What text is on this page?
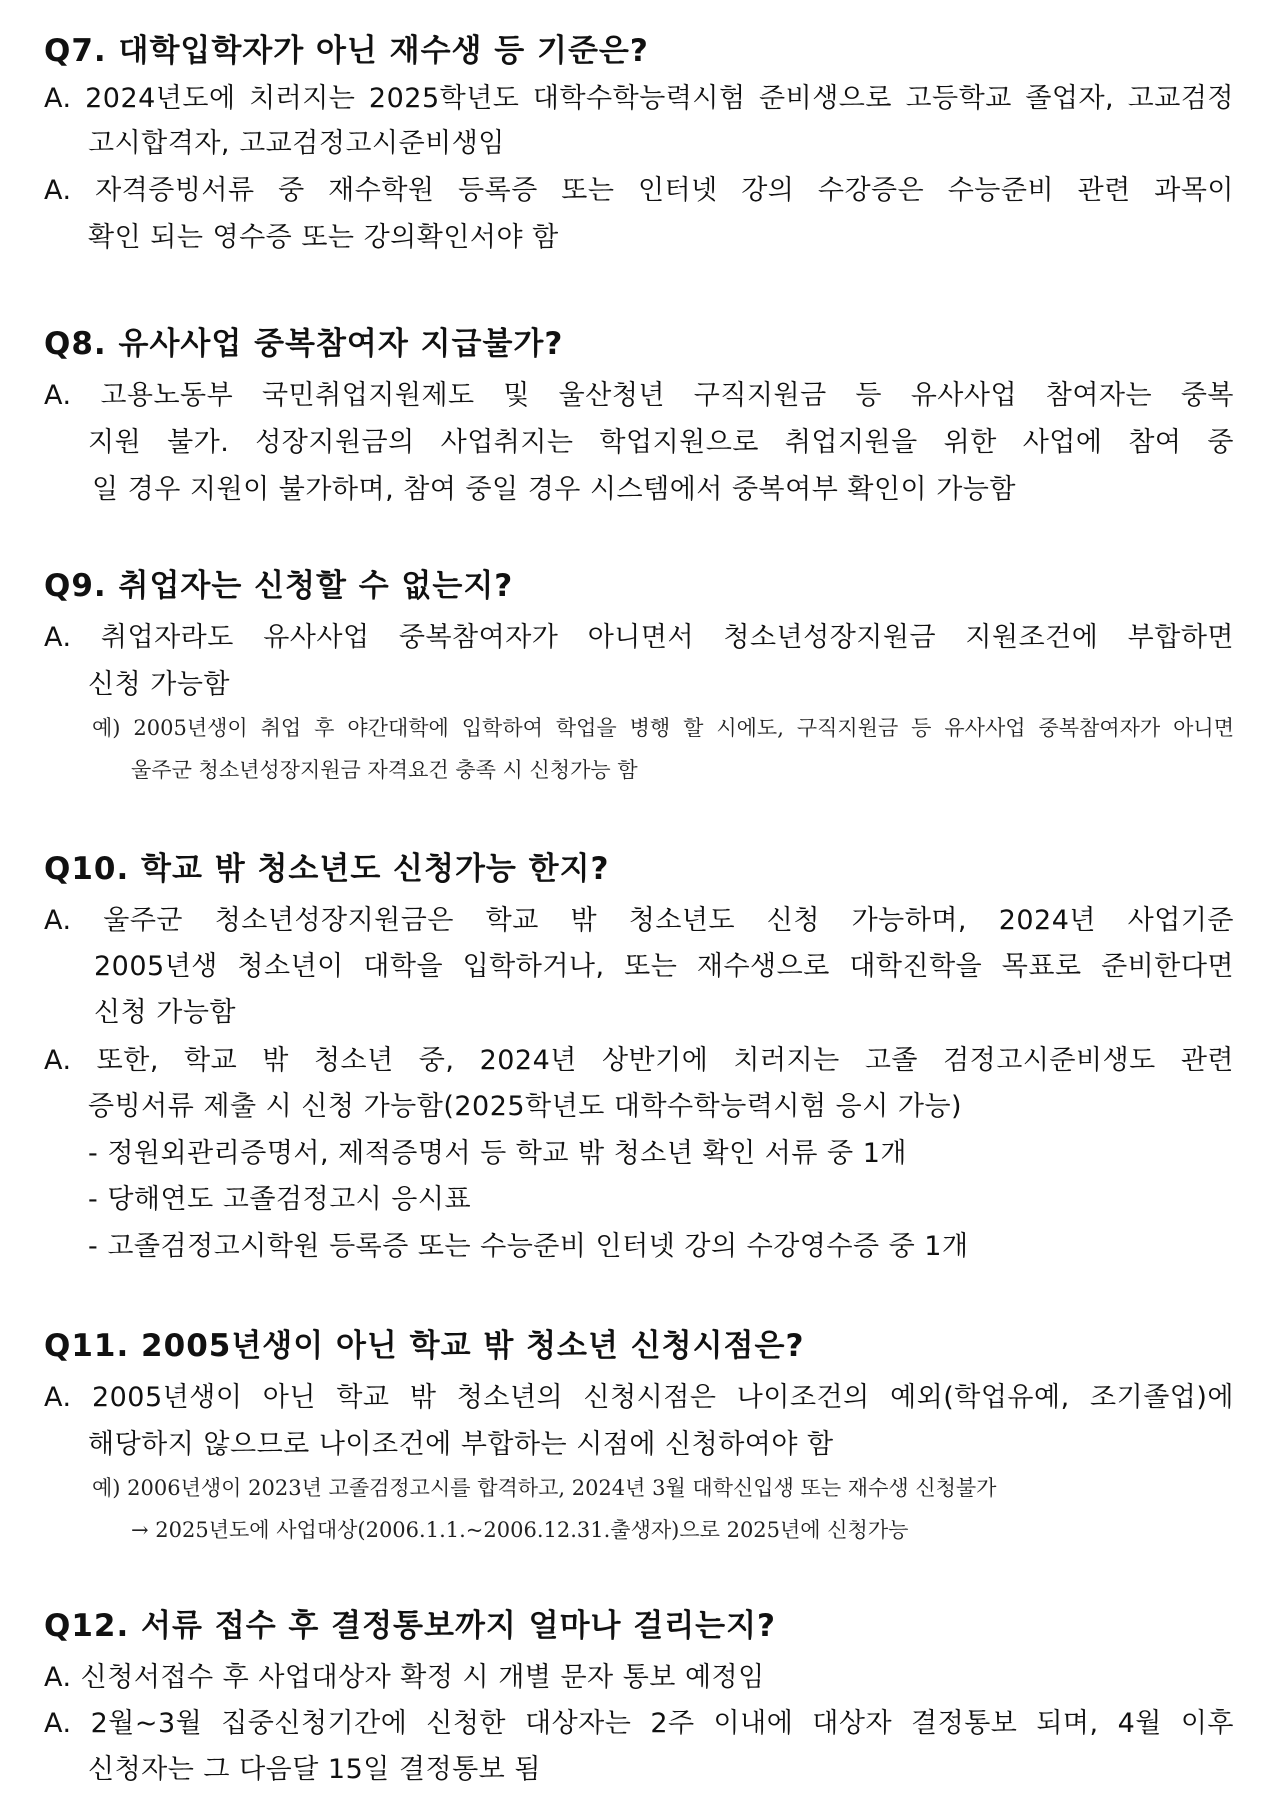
Q7. 대학입학자가 아닌 재수생 등 기준은?
A. 2024년도에 치러지는 2025학년도 대학수학능력시험 준비생으로 고등학교 졸업자, 고교검정
고시합격자, 고교검정고시준비생임
A. 자격증빙서류 중 재수학원 등록증 또는 인터넷 강의 수강증은 수능준비 관련 과목이
확인 되는 영수증 또는 강의확인서야 함
Q8. 유사사업 중복참여자 지급불가?
A. 고용노동부 국민취업지원제도 및 울산청년 구직지원금 등 유사사업 참여자는 중복
지원 불가. 성장지원금의 사업취지는 학업지원으로 취업지원을 위한 사업에 참여 중
일 경우 지원이 불가하며, 참여 중일 경우 시스템에서 중복여부 확인이 가능함
Q9. 취업자는 신청할 수 없는지?
A. 취업자라도 유사사업 중복참여자가 아니면서 청소년성장지원금 지원조건에 부합하면
신청 가능함
예) 2005년생이 취업 후 야간대학에 입학하여 학업을 병행 할 시에도, 구직지원금 등 유사사업 중복참여자가 아니면
울주군 청소년성장지원금 자격요건 충족 시 신청가능 함
Q10. 학교 밖 청소년도 신청가능 한지?
A. 울주군 청소년성장지원금은 학교 밖 청소년도 신청 가능하며, 2024년 사업기준
2005년생 청소년이 대학을 입학하거나, 또는 재수생으로 대학진학을 목표로 준비한다면
신청 가능함
A. 또한, 학교 밖 청소년 중, 2024년 상반기에 치러지는 고졸 검정고시준비생도 관련
증빙서류 제출 시 신청 가능함(2025학년도 대학수학능력시험 응시 가능)
- 정원외관리증명서, 제적증명서 등 학교 밖 청소년 확인 서류 중 1개
- 당해연도 고졸검정고시 응시표
- 고졸검정고시학원 등록증 또는 수능준비 인터넷 강의 수강영수증 중 1개
Q11. 2005년생이 아닌 학교 밖 청소년 신청시점은?
A. 2005년생이 아닌 학교 밖 청소년의 신청시점은 나이조건의 예외(학업유예, 조기졸업)에
해당하지 않으므로 나이조건에 부합하는 시점에 신청하여야 함
예) 2006년생이 2023년 고졸검정고시를 합격하고, 2024년 3월 대학신입생 또는 재수생 신청불가
→ 2025년도에 사업대상(2006.1.1.~2006.12.31.출생자)으로 2025년에 신청가능
Q12. 서류 접수 후 결정통보까지 얼마나 걸리는지?
A. 신청서접수 후 사업대상자 확정 시 개별 문자 통보 예정임
A. 2월~3월 집중신청기간에 신청한 대상자는 2주 이내에 대상자 결정통보 되며, 4월 이후
신청자는 그 다음달 15일 결정통보 됨
